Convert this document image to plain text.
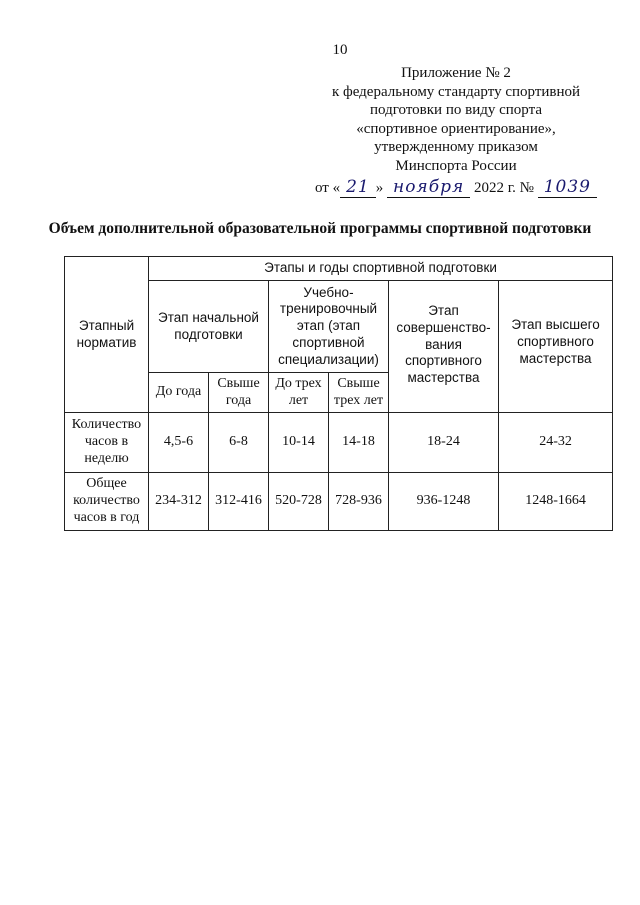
10
Приложение № 2
к федеральному стандарту спортивной
подготовки по виду спорта
«спортивное ориентирование»,
утвержденному приказом
Минспорта России
от « 21 » ноября 2022 г. № 1039
Объем дополнительной образовательной программы спортивной подготовки
Этапный норматив	Этапы и годы спортивной подготовки					
	Этап начальной подготовки		Учебно-тренировочный этап (этап спортивной специализации)		Этап совершенство-вания спортивного мастерства	Этап высшего спортивного мастерства
	До года	Свыше года	До трех лет	Свыше трех лет		
Количество часов в неделю	4,5-6	6-8	10-14	14-18	18-24	24-32
Общее количество часов в год	234-312	312-416	520-728	728-936	936-1248	1248-1664
